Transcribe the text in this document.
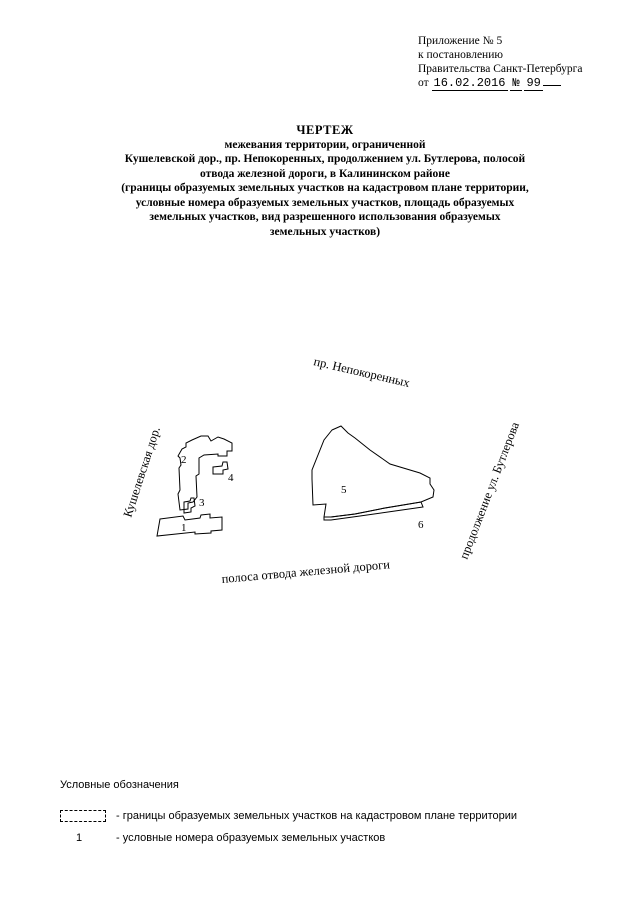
Приложение № 5
к постановлению
Правительства Санкт-Петербурга
от 16.02.2016 № 99
ЧЕРТЕЖ
межевания территории, ограниченной
Кушелевской дор., пр. Непокоренных, продолжением ул. Бутлерова, полосой
отвода железной дороги, в Калининском районе
(границы образуемых земельных участков на кадастровом плане территории,
условные номера образуемых земельных участков, площадь образуемых
земельных участков, вид разрешенного использования образуемых
земельных участков)
1
2
3
4
5
6
пр. Непокоренных
Кушелевская дор.	продолжение ул. Бутлерова
полоса отвода железной дороги
Условные обозначения
- границы образуемых земельных участков на кадастровом плане территории
1	- условные номера образуемых земельных участков
